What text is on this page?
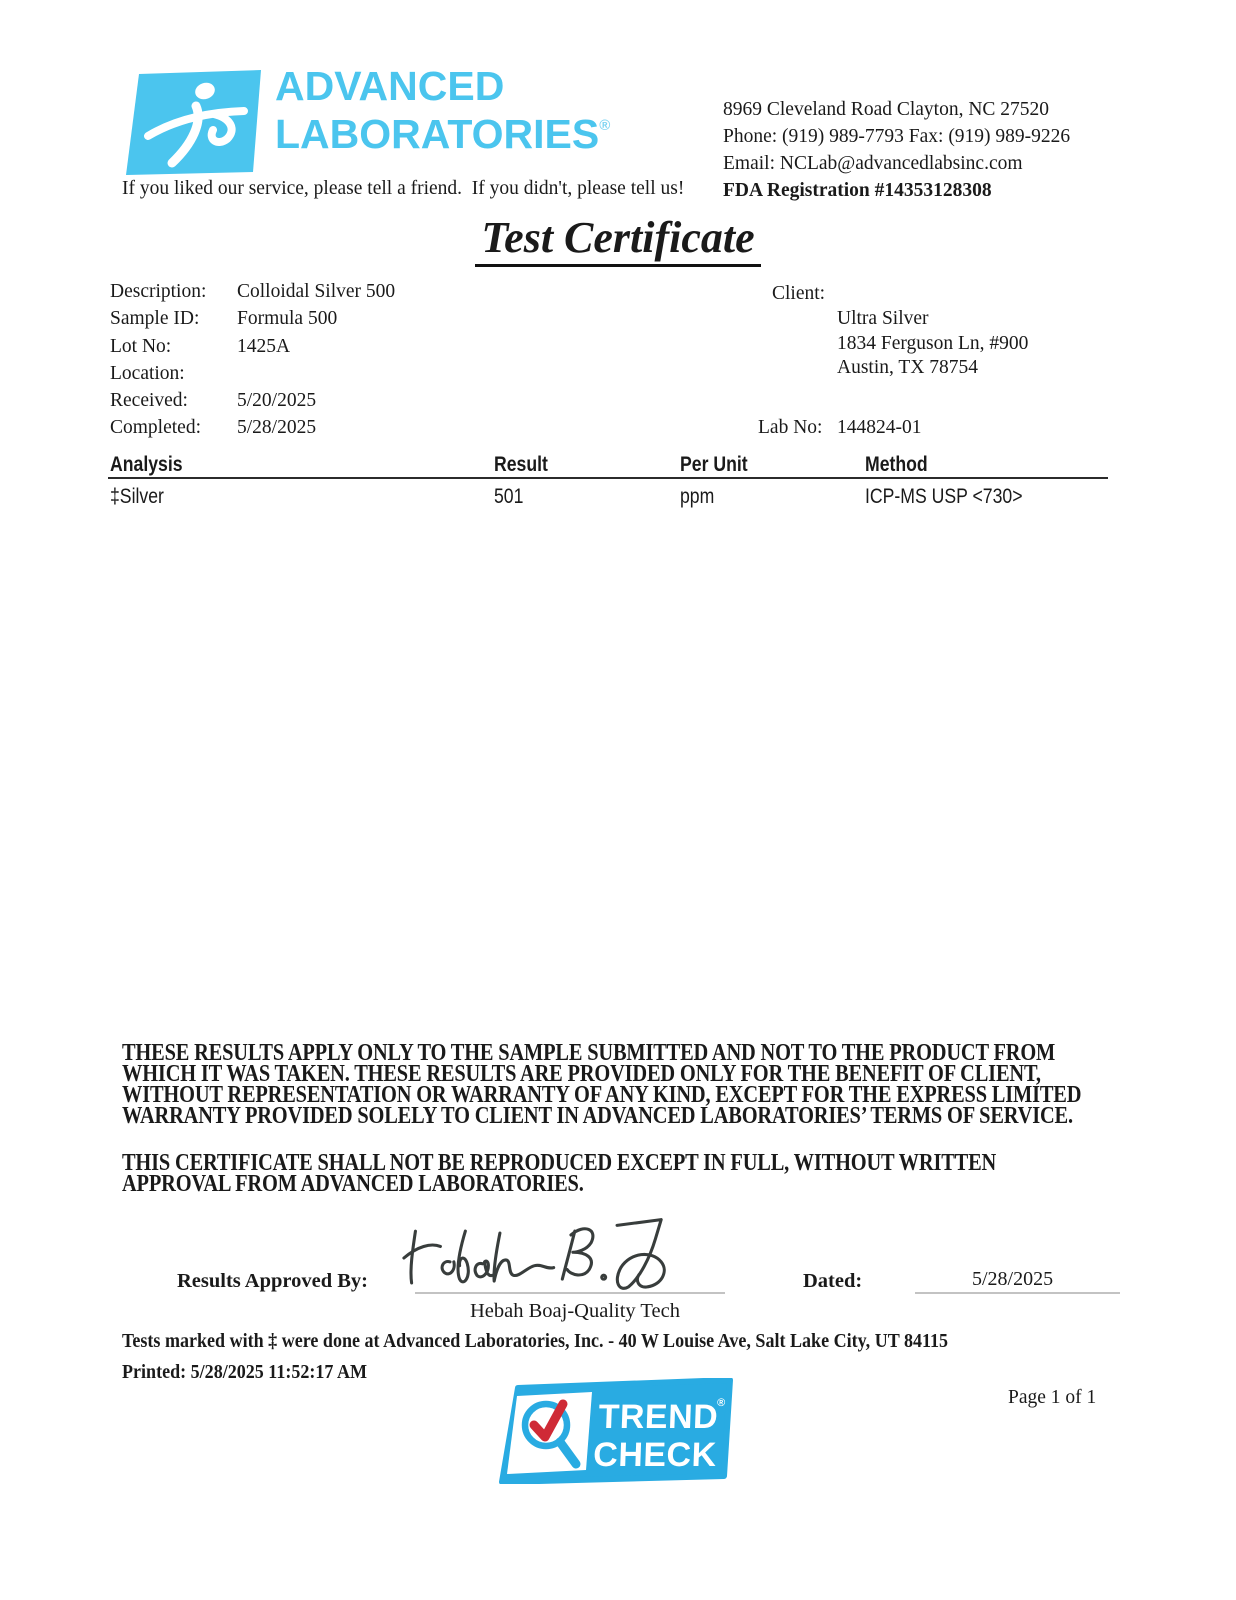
ADVANCED
LABORATORIES®
If you liked our service, please tell a friend.  If you didn't, please tell us!
8969 Cleveland Road Clayton, NC 27520
Phone: (919) 989-7793 Fax: (919) 989-9226
Email: NCLab@advancedlabsinc.com
FDA Registration #14353128308
Test Certificate
Description:	Colloidal Silver 500
Sample ID:	Formula 500
Lot No:	1425A
Location:
Received:	5/20/2025
Completed:	5/28/2025
Client:
Ultra Silver
1834 Ferguson Ln, #900
Austin, TX 78754
Lab No: 144824-01
Analysis	Result	Per Unit	Method
‡Silver	501	ppm	ICP-MS USP <730>
THESE RESULTS APPLY ONLY TO THE SAMPLE SUBMITTED AND NOT TO THE PRODUCT FROM
WHICH IT WAS TAKEN. THESE RESULTS ARE PROVIDED ONLY FOR THE BENEFIT OF CLIENT,
WITHOUT REPRESENTATION OR WARRANTY OF ANY KIND, EXCEPT FOR THE EXPRESS LIMITED
WARRANTY PROVIDED SOLELY TO CLIENT IN ADVANCED LABORATORIES’ TERMS OF SERVICE.
THIS CERTIFICATE SHALL NOT BE REPRODUCED EXCEPT IN FULL, WITHOUT WRITTEN
APPROVAL FROM ADVANCED LABORATORIES.
Results Approved By:
Hebah Boaj-Quality Tech
Dated:	5/28/2025
Tests marked with ‡ were done at Advanced Laboratories, Inc. - 40 W Louise Ave, Salt Lake City, UT 84115
Printed: 5/28/2025 11:52:17 AM
TREND
®
CHECK
Page 1 of 1
